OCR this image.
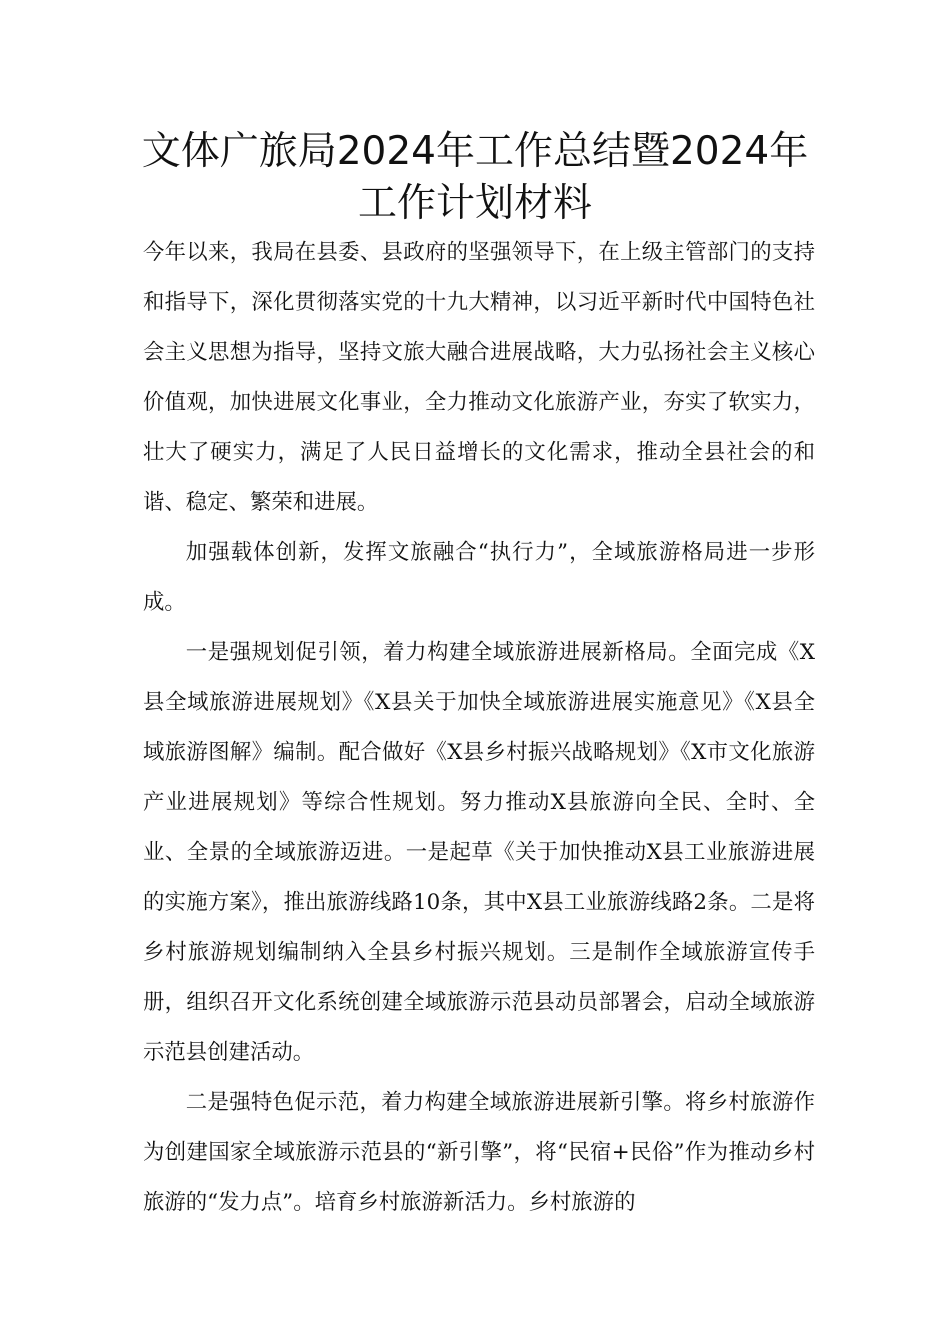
文体广旅局2024年工作总结暨2024年
工作计划材料

今年以来，我局在县委、县政府的坚强领导下，在上级主管部门的支持和指导下，深化贯彻落实党的十九大精神，以习近平新时代中国特色社会主义思想为指导，坚持文旅大融合进展战略，大力弘扬社会主义核心价值观，加快进展文化事业，全力推动文化旅游产业，夯实了软实力，壮大了硬实力，满足了人民日益增长的文化需求，推动全县社会的和谐、稳定、繁荣和进展。

加强载体创新，发挥文旅融合“执行力”，全域旅游格局进一步形成。

一是强规划促引领，着力构建全域旅游进展新格局。全面完成《X县全域旅游进展规划》《X县关于加快全域旅游进展实施意见》《X县全域旅游图解》编制。配合做好《X县乡村振兴战略规划》《X市文化旅游产业进展规划》等综合性规划。努力推动X县旅游向全民、全时、全业、全景的全域旅游迈进。一是起草《关于加快推动X县工业旅游进展的实施方案》，推出旅游线路10条，其中X县工业旅游线路2条。二是将乡村旅游规划编制纳入全县乡村振兴规划。三是制作全域旅游宣传手册，组织召开文化系统创建全域旅游示范县动员部署会，启动全域旅游示范县创建活动。

二是强特色促示范，着力构建全域旅游进展新引擎。将乡村旅游作为创建国家全域旅游示范县的“新引擎”，将“民宿+民俗”作为推动乡村旅游的“发力点”。培育乡村旅游新活力。乡村旅游的
